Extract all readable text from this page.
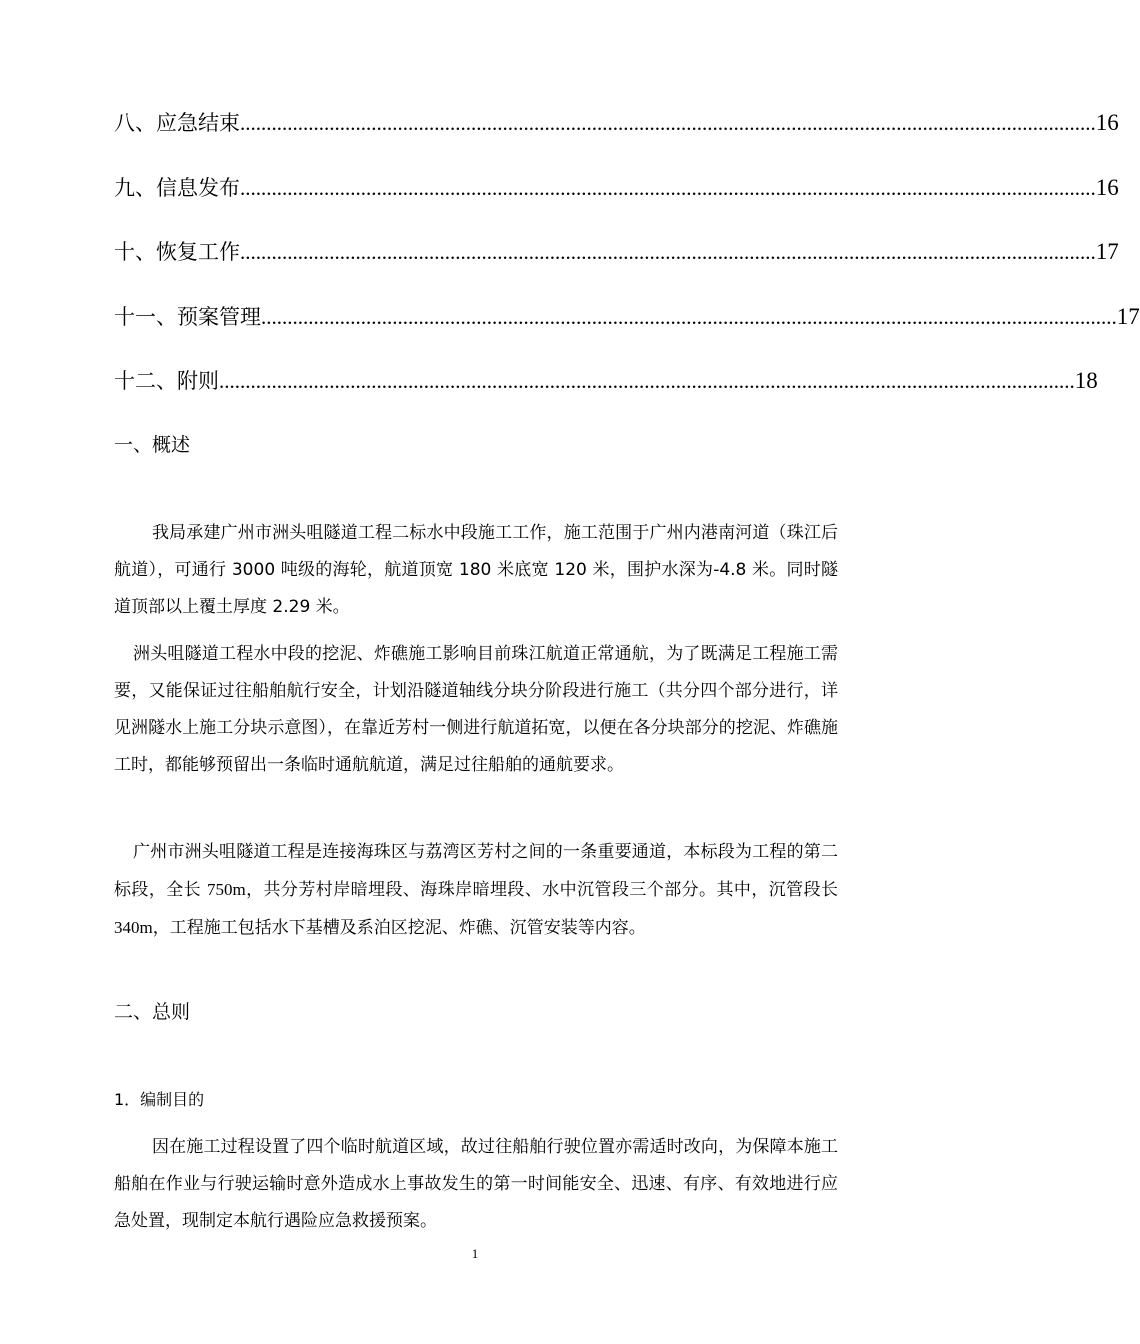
八、应急结束 ................................................................................................................................................................... 16
九、信息发布 ................................................................................................................................................................... 16
十、恢复工作 ................................................................................................................................................................... 17
十一、预案管理 ................................................................................................................................................................... 17
十二、附则 ................................................................................................................................................................... 18
一、概述

我局承建广州市洲头咀隧道工程二标水中段施工工作，施工范围于广州内港南河道（珠江后航道），可通行 3000 吨级的海轮，航道顶宽 180 米底宽 120 米，围护水深为-4.8 米。同时隧道顶部以上覆土厚度 2.29 米。

洲头咀隧道工程水中段的挖泥、炸礁施工影响目前珠江航道正常通航，为了既满足工程施工需要，又能保证过往船舶航行安全，计划沿隧道轴线分块分阶段进行施工（共分四个部分进行，详见洲隧水上施工分块示意图），在靠近芳村一侧进行航道拓宽，以便在各分块部分的挖泥、炸礁施工时，都能够预留出一条临时通航航道，满足过往船舶的通航要求。

广州市洲头咀隧道工程是连接海珠区与荔湾区芳村之间的一条重要通道，本标段为工程的第二标段，全长 750m，共分芳村岸暗埋段、海珠岸暗埋段、水中沉管段三个部分。其中，沉管段长 340m，工程施工包括水下基槽及系泊区挖泥、炸礁、沉管安装等内容。

二、总则
1．编制目的

因在施工过程设置了四个临时航道区域，故过往船舶行驶位置亦需适时改向，为保障本施工船舶在作业与行驶运输时意外造成水上事故发生的第一时间能安全、迅速、有序、有效地进行应急处置，现制定本航行遇险应急救援预案。

1
